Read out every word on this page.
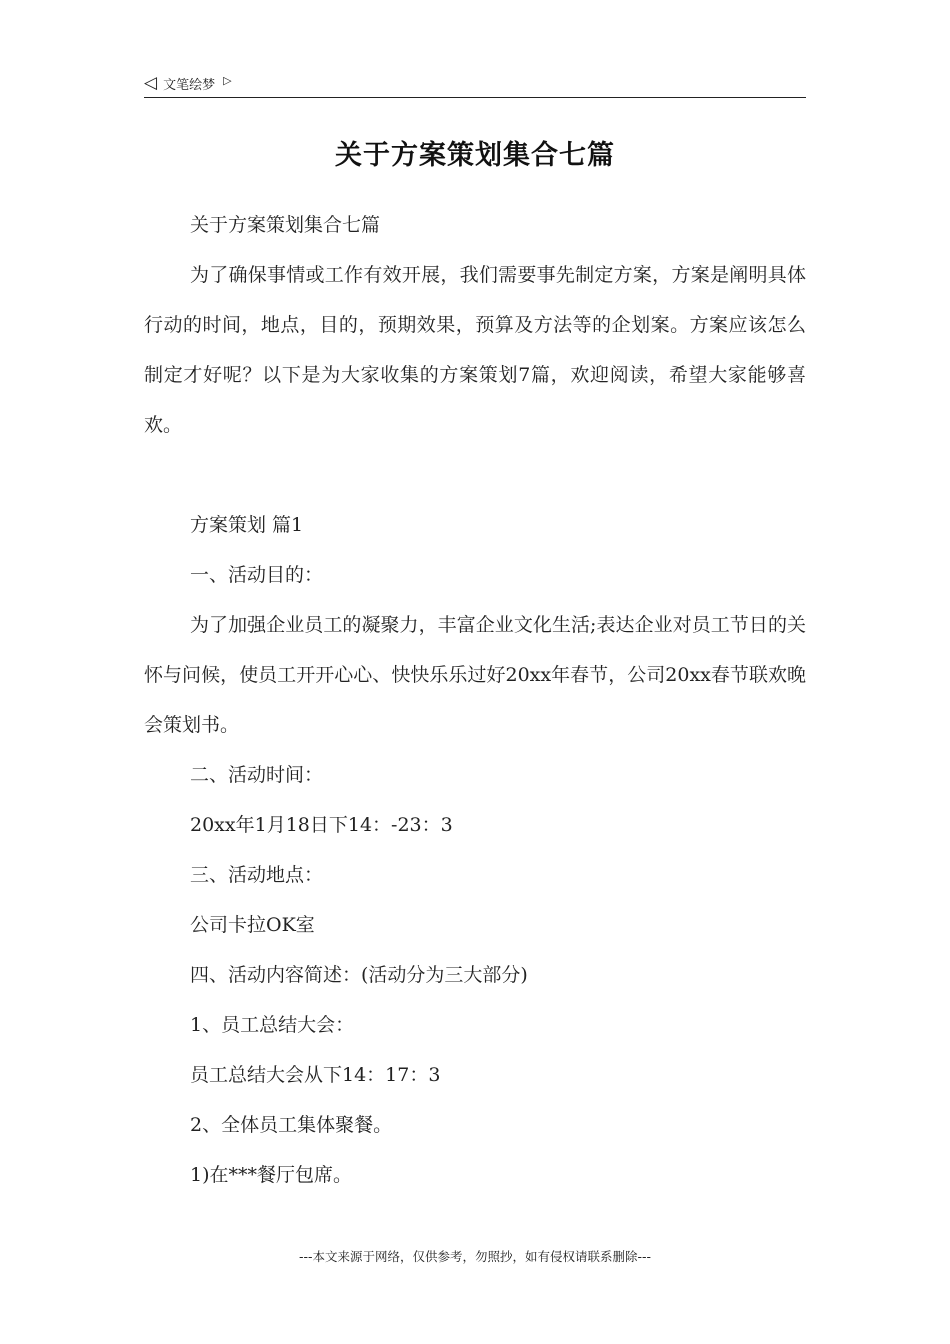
◁ 文笔绘梦 ▷
关于方案策划集合七篇

关于方案策划集合七篇

为了确保事情或工作有效开展，我们需要事先制定方案，方案是阐明具体行动的时间，地点，目的，预期效果，预算及方法等的企划案。方案应该怎么制定才好呢？以下是为大家收集的方案策划7篇，欢迎阅读，希望大家能够喜欢。

方案策划 篇1

一、活动目的：

为了加强企业员工的凝聚力，丰富企业文化生活;表达企业对员工节日的关怀与问候，使员工开开心心、快快乐乐过好20xx年春节，公司20xx春节联欢晚会策划书。

二、活动时间：

20xx年1月18日下14：-23：3

三、活动地点：

公司卡拉OK室

四、活动内容简述：(活动分为三大部分)

1、员工总结大会：

员工总结大会从下14：17：3

2、全体员工集体聚餐。

1)在***餐厅包席。

---本文来源于网络，仅供参考，勿照抄，如有侵权请联系删除---
